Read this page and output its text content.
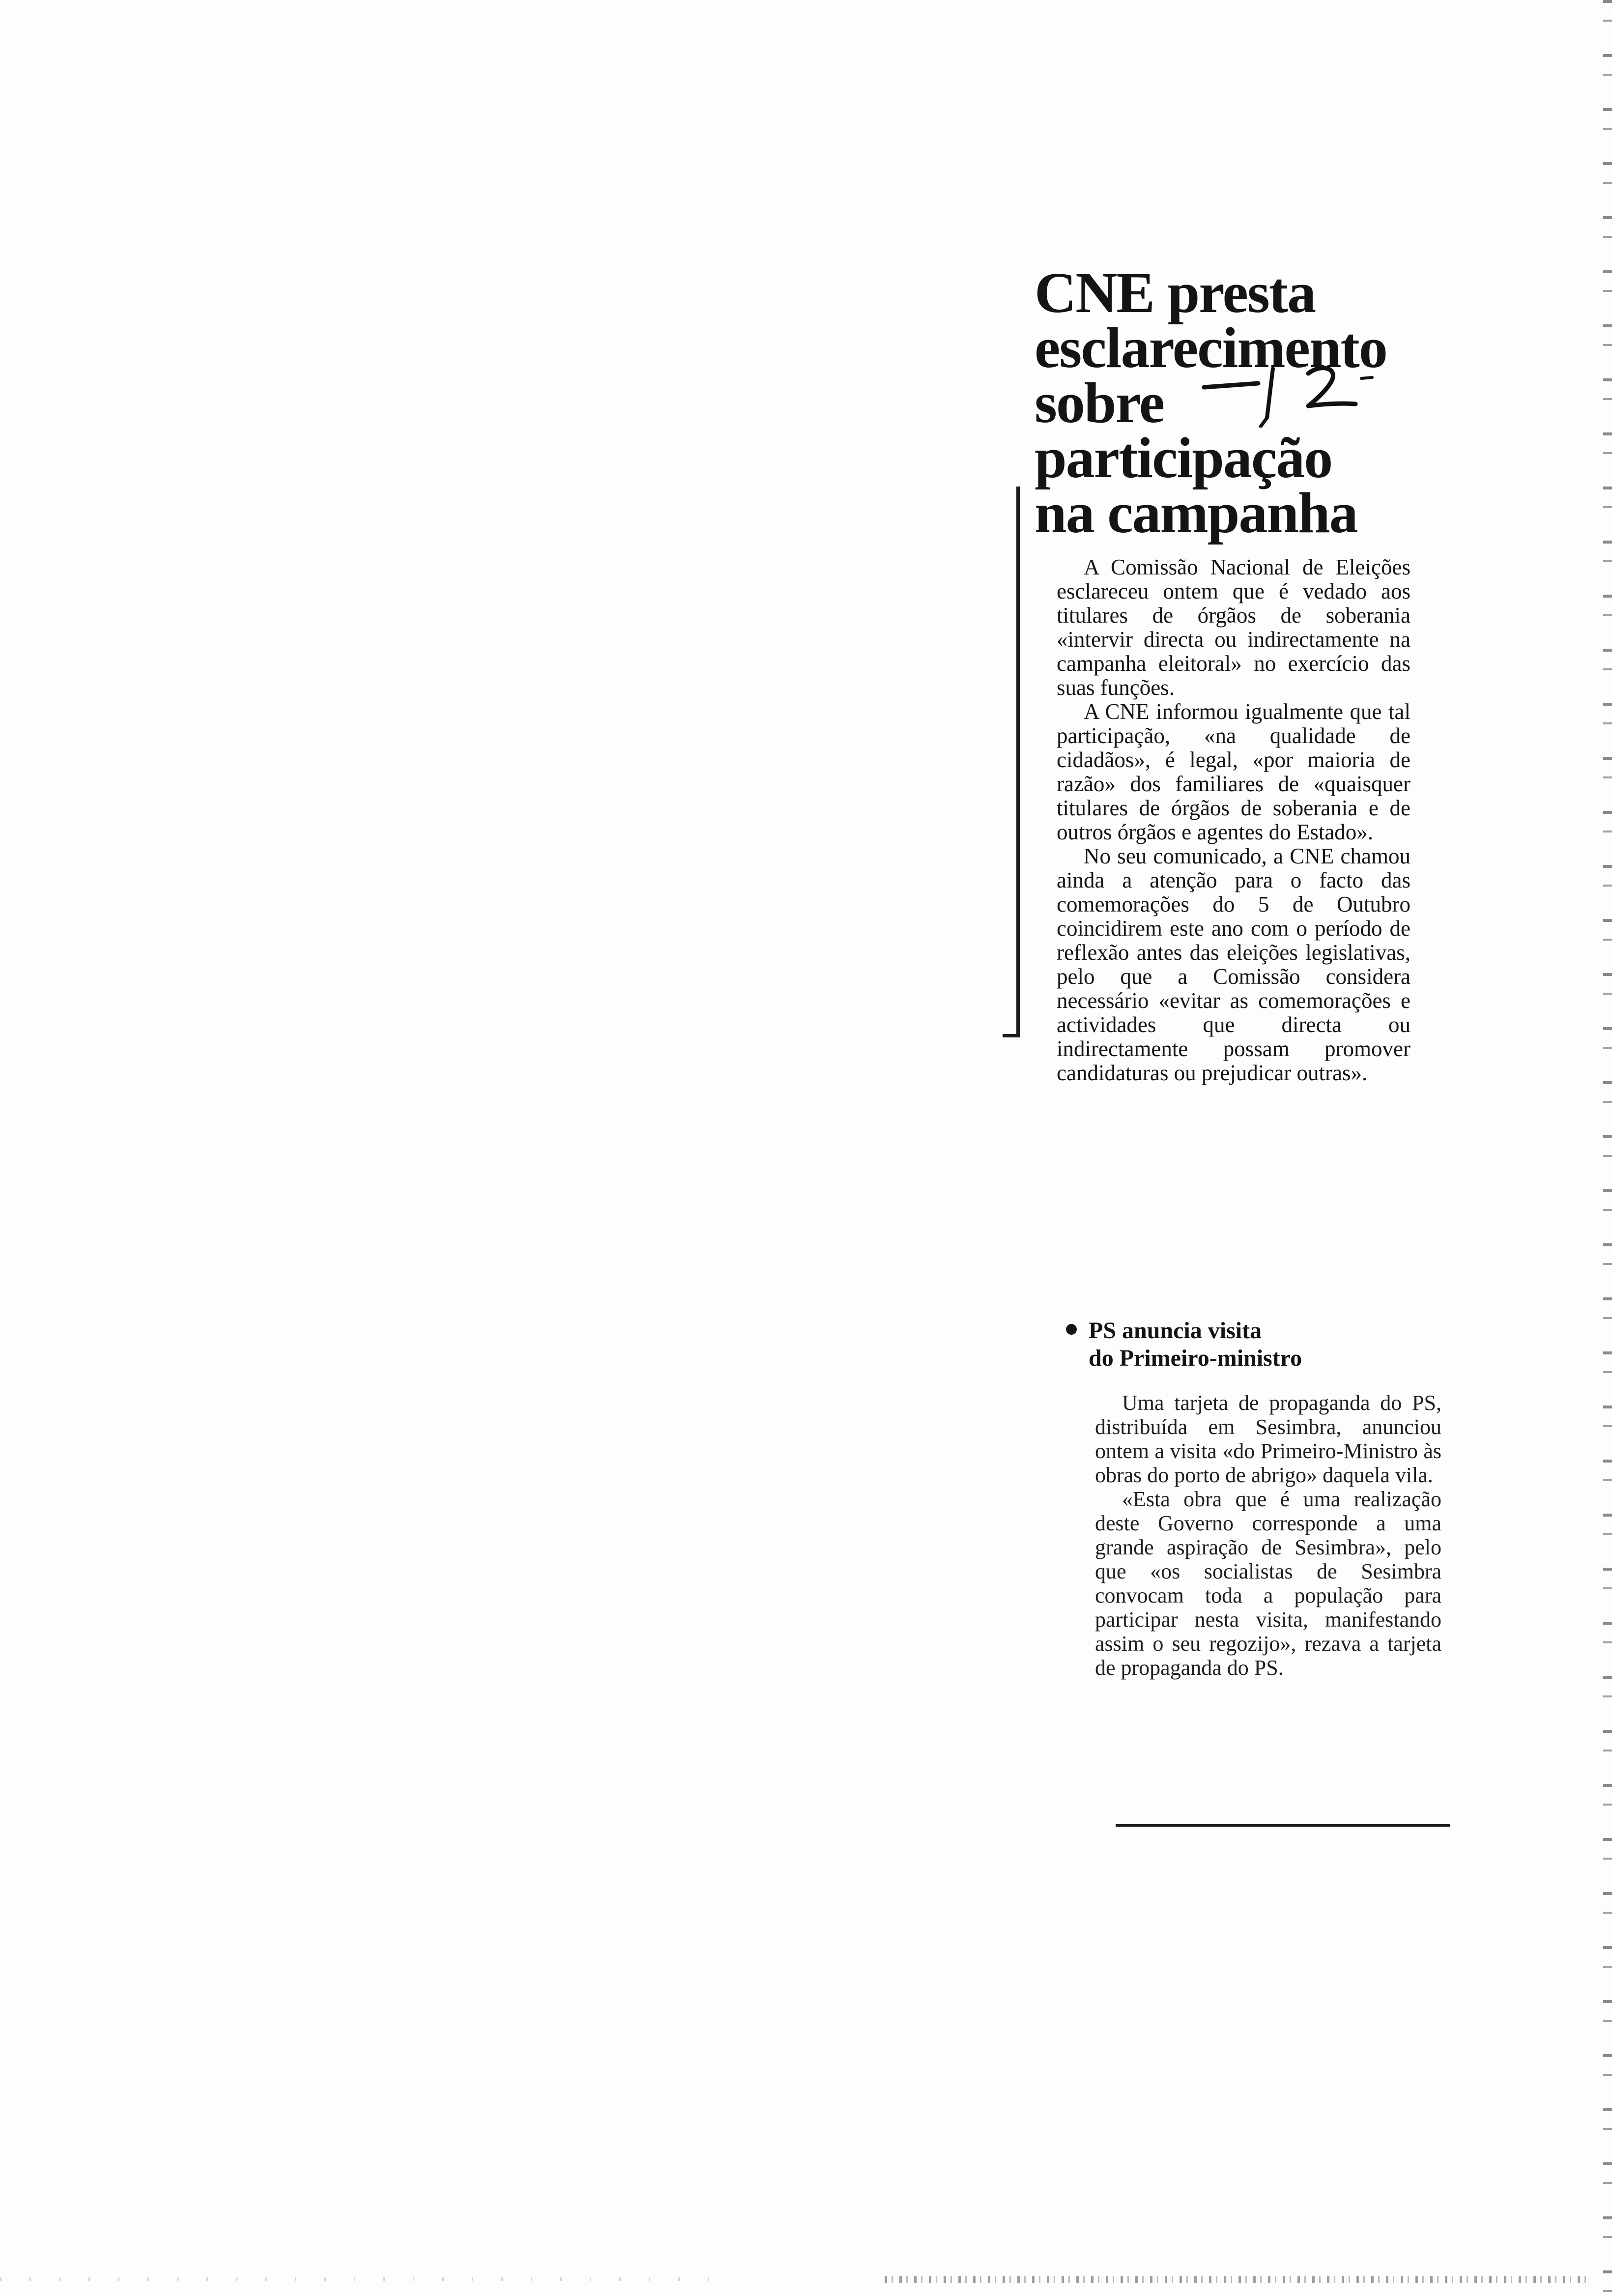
CNE presta
esclarecimento
sobre
participação
na campanha

A Comissão Nacional de Eleições esclareceu ontem que é vedado aos titulares de órgãos de soberania «intervir directa ou indirectamente na campanha eleitoral» no exercício das suas funções.

A CNE informou igualmente que tal participação, «na qualidade de cidadãos», é legal, «por maioria de razão» dos familiares de «quaisquer titulares de órgãos de soberania e de outros órgãos e agentes do Estado».

No seu comunicado, a CNE chamou ainda a atenção para o facto das comemorações do 5 de Outubro coincidirem este ano com o período de reflexão antes das eleições legislativas, pelo que a Comissão considera necessário «evitar as comemorações e actividades que directa ou indirectamente possam promover candidaturas ou prejudicar outras».

PS anuncia visita
do Primeiro-ministro

Uma tarjeta de propaganda do PS, distribuída em Sesimbra, anunciou ontem a visita «do Primeiro-Ministro às obras do porto de abrigo» daquela vila.

«Esta obra que é uma realização deste Governo corresponde a uma grande aspiração de Sesimbra», pelo que «os socialistas de Sesimbra convocam toda a população para participar nesta visita, manifestando assim o seu regozijo», rezava a tarjeta de propaganda do PS.
